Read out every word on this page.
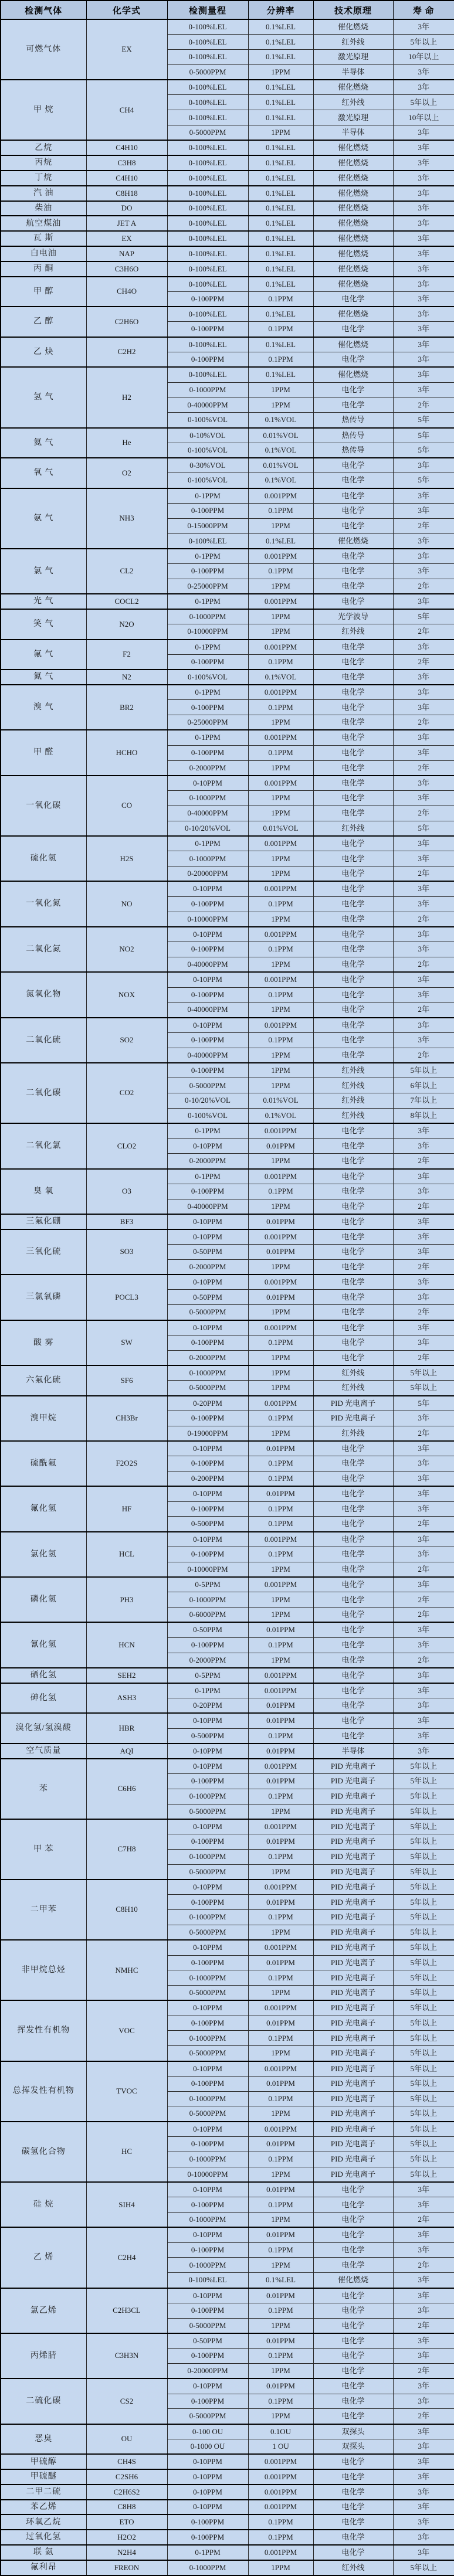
检测气体	化学式	检测量程	分辨率	技术原理	寿 命
可燃气体	EX	0-100%LEL	0.1%LEL	催化燃烧	3年
		0-100%LEL	0.1%LEL	红外线	5年以上
		0-100%LEL	0.1%LEL	激光原理	10年以上
		0-5000PPM	1PPM	半导体	3年
甲 烷	CH4	0-100%LEL	0.1%LEL	催化燃烧	3年
		0-100%LEL	0.1%LEL	红外线	5年以上
		0-100%LEL	0.1%LEL	激光原理	10年以上
		0-5000PPM	1PPM	半导体	3年
乙烷	C4H10	0-100%LEL	0.1%LEL	催化燃烧	3年
丙烷	C3H8	0-100%LEL	0.1%LEL	催化燃烧	3年
丁烷	C4H10	0-100%LEL	0.1%LEL	催化燃烧	3年
汽 油	C8H18	0-100%LEL	0.1%LEL	催化燃烧	3年
柴油	DO	0-100%LEL	0.1%LEL	催化燃烧	3年
航空煤油	JET A	0-100%LEL	0.1%LEL	催化燃烧	3年
瓦 斯	EX	0-100%LEL	0.1%LEL	催化燃烧	3年
白电油	NAP	0-100%LEL	0.1%LEL	催化燃烧	3年
丙 酮	C3H6O	0-100%LEL	0.1%LEL	催化燃烧	3年
甲 醇	CH4O	0-100%LEL	0.1%LEL	催化燃烧	3年
		0-100PPM	0.1PPM	电化学	3年
乙 醇	C2H6O	0-100%LEL	0.1%LEL	催化燃烧	3年
		0-100PPM	0.1PPM	电化学	3年
乙 炔	C2H2	0-100%LEL	0.1%LEL	催化燃烧	3年
		0-100PPM	0.1PPM	电化学	3年
氢 气	H2	0-100%LEL	0.1%LEL	催化燃烧	3年
		0-1000PPM	1PPM	电化学	3年
		0-40000PPM	1PPM	电化学	2年
		0-100%VOL	0.1%VOL	热传导	5年
氦 气	He	0-10%VOL	0.01%VOL	热传导	5年
		0-100%VOL	0.1%VOL	热传导	5年
氧 气	O2	0-30%VOL	0.01%VOL	电化学	3年
		0-100%VOL	0.1%VOL	电化学	5年
氨 气	NH3	0-1PPM	0.001PPM	电化学	3年
		0-100PPM	0.1PPM	电化学	3年
		0-15000PPM	1PPM	电化学	2年
		0-100%LEL	0.1%LEL	催化燃烧	3年
氯 气	CL2	0-1PPM	0.001PPM	电化学	3年
		0-100PPM	0.1PPM	电化学	3年
		0-25000PPM	1PPM	电化学	2年
光 气	COCL2	0-1PPM	0.001PPM	电化学	3年
笑 气	N2O	0-1000PPM	1PPM	光学波导	5年
		0-10000PPM	1PPM	红外线	2年
氟 气	F2	0-1PPM	0.001PPM	电化学	3年
		0-100PPM	0.1PPM	电化学	2年
氮 气	N2	0-100%VOL	0.1%VOL	电化学	3年
溴 气	BR2	0-1PPM	0.001PPM	电化学	3年
		0-100PPM	0.1PPM	电化学	3年
		0-25000PPM	1PPM	电化学	2年
甲 醛	HCHO	0-1PPM	0.001PPM	电化学	3年
		0-100PPM	0.1PPM	电化学	3年
		0-2000PPM	1PPM	电化学	2年
一氧化碳	CO	0-10PPM	0.001PPM	电化学	3年
		0-1000PPM	1PPM	电化学	3年
		0-40000PPM	1PPM	电化学	2年
		0-10/20%VOL	0.01%VOL	红外线	5年
硫化氢	H2S	0-1PPM	0.001PPM	电化学	3年
		0-1000PPM	1PPM	电化学	3年
		0-20000PPM	1PPM	电化学	2年
一氧化氮	NO	0-10PPM	0.001PPM	电化学	3年
		0-100PPM	0.1PPM	电化学	3年
		0-10000PPM	1PPM	电化学	2年
二氧化氮	NO2	0-10PPM	0.001PPM	电化学	3年
		0-100PPM	0.1PPM	电化学	3年
		0-40000PPM	1PPM	电化学	2年
氮氧化物	NOX	0-10PPM	0.001PPM	电化学	3年
		0-100PPM	0.1PPM	电化学	3年
		0-40000PPM	1PPM	电化学	2年
二氧化硫	SO2	0-10PPM	0.001PPM	电化学	3年
		0-100PPM	0.1PPM	电化学	3年
		0-40000PPM	1PPM	电化学	2年
二氧化碳	CO2	0-100PPM	1PPM	红外线	5年以上
		0-5000PPM	1PPM	红外线	6年以上
		0-10/20%VOL	0.01%VOL	红外线	7年以上
		0-100%VOL	0.1%VOL	红外线	8年以上
二氧化氯	CLO2	0-1PPM	0.001PPM	电化学	3年
		0-10PPM	0.01PPM	电化学	3年
		0-2000PPM	1PPM	电化学	2年
臭 氧	O3	0-1PPM	0.001PPM	电化学	3年
		0-100PPM	0.1PPM	电化学	3年
		0-40000PPM	1PPM	电化学	2年
三氟化硼	BF3	0-10PPM	0.01PPM	电化学	3年
三氧化硫	SO3	0-10PPM	0.001PPM	电化学	3年
		0-50PPM	0.01PPM	电化学	3年
		0-2000PPM	1PPM	电化学	2年
三氯氧磷	POCL3	0-10PPM	0.001PPM	电化学	3年
		0-50PPM	0.01PPM	电化学	3年
		0-5000PPM	1PPM	电化学	2年
酸 雾	SW	0-10PPM	0.001PPM	电化学	3年
		0-100PPM	0.1PPM	电化学	3年
		0-2000PPM	1PPM	电化学	2年
六氟化硫	SF6	0-1000PPM	1PPM	红外线	5年以上
		0-5000PPM	1PPM	红外线	5年以上
溴甲烷	CH3Br	0-20PPM	0.001PPM	PID 光电离子	5年
		0-100PPM	0.1PPM	PID 光电离子	3年
		0-19000PPM	1PPM	红外线	2年
硫酰氟	F2O2S	0-10PPM	0.01PPM	电化学	3年
		0-100PPM	0.1PPM	电化学	3年
		0-200PPM	0.1PPM	电化学	3年
氟化氢	HF	0-10PPM	0.01PPM	电化学	3年
		0-100PPM	0.1PPM	电化学	3年
		0-500PPM	0.1PPM	电化学	2年
氯化氢	HCL	0-10PPM	0.001PPM	电化学	3年
		0-100PPM	0.1PPM	电化学	3年
		0-10000PPM	1PPM	电化学	2年
磷化氢	PH3	0-5PPM	0.001PPM	电化学	3年
		0-1000PPM	1PPM	电化学	2年
		0-6000PPM	1PPM	电化学	2年
氰化氢	HCN	0-50PPM	0.01PPM	电化学	3年
		0-100PPM	0.1PPM	电化学	3年
		0-2000PPM	1PPM	电化学	2年
硒化氢	SEH2	0-5PPM	0.001PPM	电化学	3年
砷化氢	ASH3	0-1PPM	0.001PPM	电化学	3年
		0-20PPM	0.01PPM	电化学	3年
溴化氢/氢溴酸	HBR	0-10PPM	0.01PPM	电化学	3年
		0-500PPM	0.1PPM	电化学	3年
空气质量	AQI	0-10PPM	0.01PPM	半导体	3年
苯	C6H6	0-10PPM	0.001PPM	PID 光电离子	5年以上
		0-100PPM	0.01PPM	PID 光电离子	5年以上
		0-1000PPM	0.1PPM	PID 光电离子	5年以上
		0-5000PPM	1PPM	PID 光电离子	5年以上
甲 苯	C7H8	0-10PPM	0.001PPM	PID 光电离子	5年以上
		0-100PPM	0.01PPM	PID 光电离子	5年以上
		0-1000PPM	0.1PPM	PID 光电离子	5年以上
		0-5000PPM	1PPM	PID 光电离子	5年以上
二甲苯	C8H10	0-10PPM	0.001PPM	PID 光电离子	5年以上
		0-100PPM	0.01PPM	PID 光电离子	5年以上
		0-1000PPM	0.1PPM	PID 光电离子	5年以上
		0-5000PPM	1PPM	PID 光电离子	5年以上
非甲烷总烃	NMHC	0-10PPM	0.001PPM	PID 光电离子	5年以上
		0-100PPM	0.01PPM	PID 光电离子	5年以上
		0-1000PPM	0.1PPM	PID 光电离子	5年以上
		0-5000PPM	1PPM	PID 光电离子	5年以上
挥发性有机物	VOC	0-10PPM	0.001PPM	PID 光电离子	5年以上
		0-100PPM	0.01PPM	PID 光电离子	5年以上
		0-1000PPM	0.1PPM	PID 光电离子	5年以上
		0-5000PPM	1PPM	PID 光电离子	5年以上
总挥发性有机物	TVOC	0-10PPM	0.001PPM	PID 光电离子	5年以上
		0-100PPM	0.01PPM	PID 光电离子	5年以上
		0-1000PPM	0.1PPM	PID 光电离子	5年以上
		0-5000PPM	1PPM	PID 光电离子	5年以上
碳氢化合物	HC	0-10PPM	0.001PPM	PID 光电离子	5年以上
		0-100PPM	0.01PPM	PID 光电离子	5年以上
		0-1000PPM	0.1PPM	PID 光电离子	5年以上
		0-10000PPM	1PPM	PID 光电离子	5年以上
硅 烷	SIH4	0-10PPM	0.01PPM	电化学	3年
		0-100PPM	0.1PPM	电化学	3年
		0-1000PPM	1PPM	电化学	2年
乙 烯	C2H4	0-10PPM	0.01PPM	电化学	3年
		0-100PPM	0.1PPM	电化学	3年
		0-1000PPM	1PPM	电化学	2年
		0-100%LEL	0.1%LEL	催化燃烧	3年
氯乙烯	C2H3CL	0-10PPM	0.01PPM	电化学	3年
		0-100PPM	0.1PPM	电化学	3年
		0-5000PPM	1PPM	电化学	2年
丙烯腈	C3H3N	0-50PPM	0.01PPM	电化学	3年
		0-100PPM	0.1PPM	电化学	3年
		0-20000PPM	1PPM	电化学	2年
二硫化碳	CS2	0-10PPM	0.01PPM	电化学	3年
		0-100PPM	0.1PPM	电化学	3年
		0-5000PPM	1PPM	电化学	2年
恶臭	OU	0-100 OU	0.1OU	双探头	3年
		0-1000 OU	1 OU	双探头	3年
甲硫醇	CH4S	0-10PPM	0.001PPM	电化学	3年
甲硫醚	C2SH6	0-10PPM	0.001PPM	电化学	3年
二甲二硫	C2H6S2	0-10PPM	0.001PPM	电化学	3年
苯乙烯	C8H8	0-10PPM	0.001PPM	电化学	3年
环氧乙烷	ETO	0-100PPM	0.1PPM	电化学	3年
过氧化氢	H2O2	0-100PPM	0.1PPM	电化学	3年
联 氨	N2H4	0-1PPM	0.001PPM	电化学	3年
氟利昂	FREON	0-1000PPM	1PPM	红外线	5年以上
